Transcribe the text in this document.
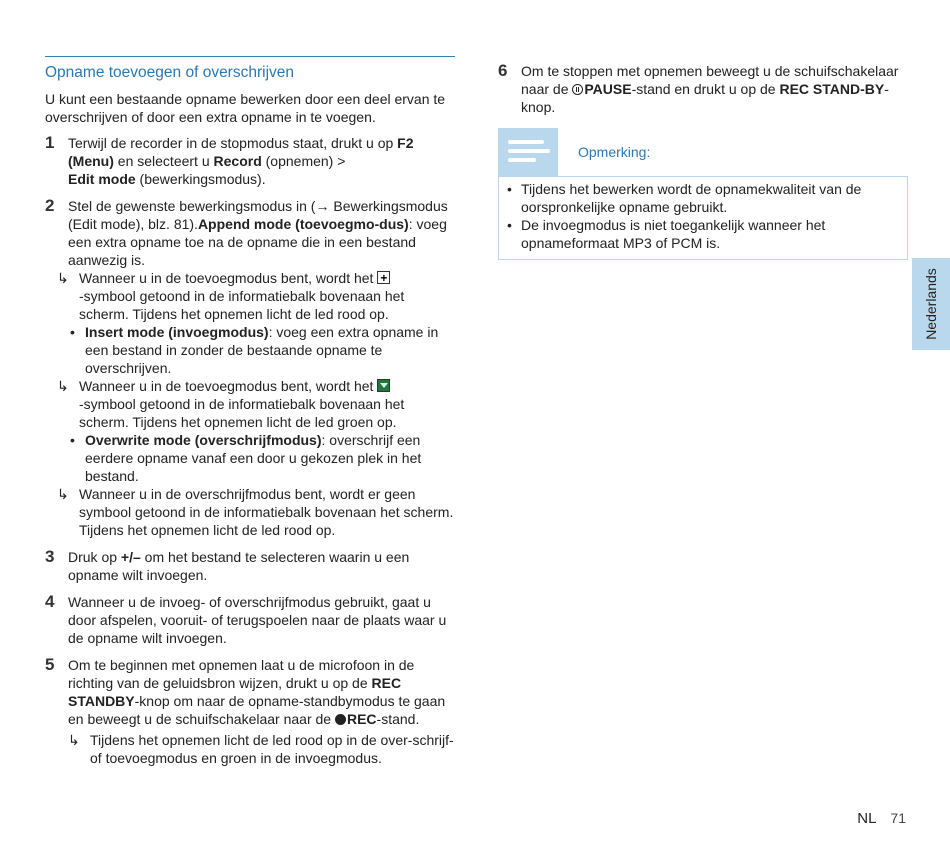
Opname toevoegen of overschrijven

U kunt een bestaande opname bewerken door een deel ervan te overschrijven of door een extra opname in te voegen.

1 Terwijl de recorder in de stopmodus staat, drukt u op F2 (Menu) en selecteert u Record (opnemen) >
Edit mode (bewerkingsmodus).
2 Stel de gewenste bewerkingsmodus in (→ Bewerkingsmodus (Edit mode), blz. 81).Append mode (toevoegmo-dus): voeg een extra opname toe na de opname die in een bestand aanwezig is.
↳ Wanneer u in de toevoegmodus bent, wordt het +
-symbool getoond in de informatiebalk bovenaan het scherm. Tijdens het opnemen licht de led rood op.
• Insert mode (invoegmodus): voeg een extra opname in een bestand in zonder de bestaande opname te overschrijven.
↳ Wanneer u in de toevoegmodus bent, wordt het
-symbool getoond in de informatiebalk bovenaan het scherm. Tijdens het opnemen licht de led groen op.
• Overwrite mode (overschrijfmodus): overschrijf een eerdere opname vanaf een door u gekozen plek in het bestand.
↳ Wanneer u in de overschrijfmodus bent, wordt er geen symbool getoond in de informatiebalk bovenaan het scherm. Tijdens het opnemen licht de led rood op.
3 Druk op +/– om het bestand te selecteren waarin u een opname wilt invoegen.
4 Wanneer u de invoeg- of overschrijfmodus gebruikt, gaat u door afspelen, vooruit- of terugspoelen naar de plaats waar u de opname wilt invoegen.
5 Om te beginnen met opnemen laat u de microfoon in de richting van de geluidsbron wijzen, drukt u op de REC STANDBY-knop om naar de opname-standbymodus te gaan en beweegt u de schuifschakelaar naar de REC-stand.
↳ Tijdens het opnemen licht de led rood op in de over-schrijf- of toevoegmodus en groen in de invoegmodus.
6 Om te stoppen met opnemen beweegt u de schuifschakelaar naar de PAUSE-stand en drukt u op de REC STAND-BY-knop.
Opmerking:
• Tijdens het bewerken wordt de opnamekwaliteit van de oorspronkelijke opname gebruikt.
• De invoegmodus is niet toegankelijk wanneer het opnameformaat MP3 of PCM is.
Nederlands
NL 71
